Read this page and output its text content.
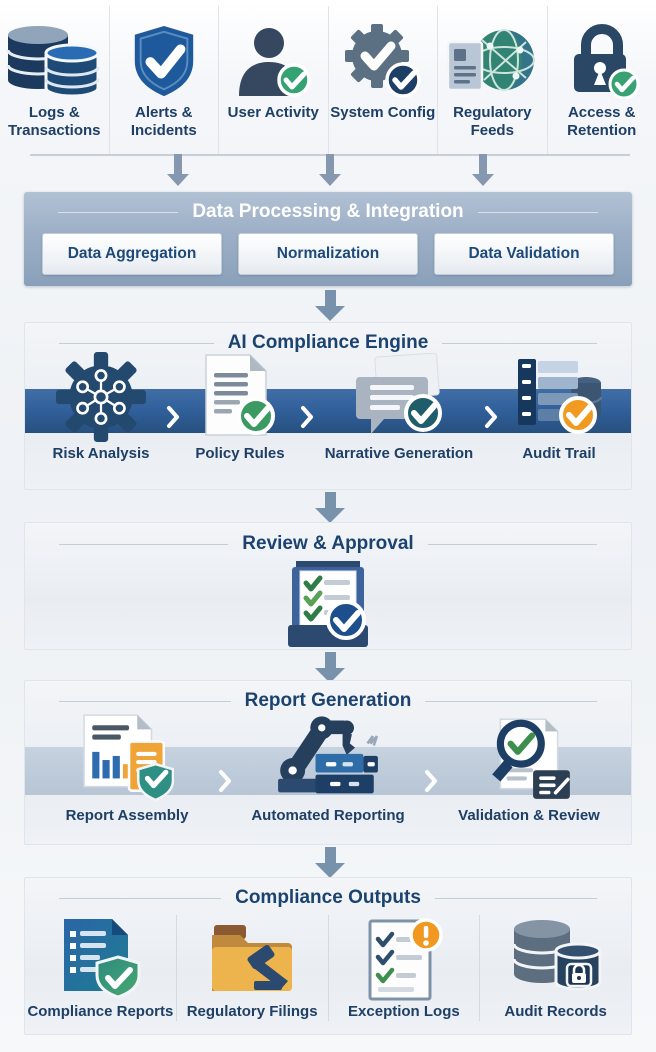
Logs & Transactions
Alerts & Incidents
User Activity System Config	Regulatory Feeds
Access & Retention
Data Processing & Integration
Data Aggregation	Normalization	Data Validation
AI Compliance Engine
Risk Analysis	Policy Rules	Narrative Generation	Audit Trail
Review & Approval
Report Generation
Report Assembly	Automated Reporting	Validation & Review
Compliance Outputs
Compliance Reports Regulatory Filings Exception Logs	Audit Records
